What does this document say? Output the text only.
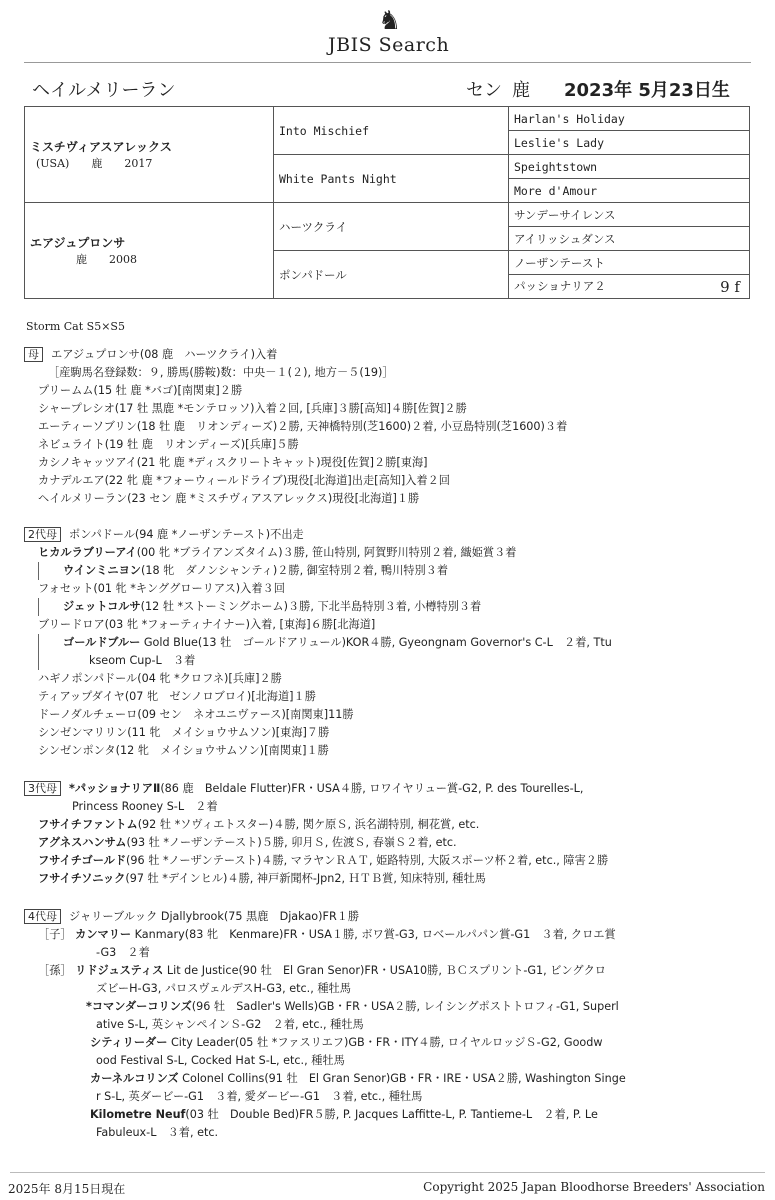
♞
JBIS Search
ヘイルメリーラン	セン 鹿 2023年 5月23日生
ミスチヴィアスアレックス
(USA)　　鹿　　2017	Into Mischief	Harlan's Holiday
		Leslie's Lady
	White Pants Night	Speightstown
		More d'Amour

エアジュプロンサ
鹿　　2008	ハーツクライ	サンデーサイレンス
		アイリッシュダンス
	ポンパドール	ノーザンテースト
		パッショナリア２ 9 f
Storm Cat S5×S5
母 エアジュプロンサ(08 鹿　ハーツクライ)入着
［産駒馬名登録数：９, 勝馬(勝鞍)数：中央－１(２), 地方－５(19)］
プリームム(15 牡 鹿 *バゴ)[南関東]２勝
シャープレシオ(17 牡 黒鹿 *モンテロッソ)入着２回, [兵庫]３勝[高知]４勝[佐賀]２勝
エーティーソブリン(18 牡 鹿　リオンディーズ)２勝, 天神橋特別(芝1600)２着, 小豆島特別(芝1600)３着
ネビュライト(19 牡 鹿　リオンディーズ)[兵庫]５勝
カシノキャッツアイ(21 牝 鹿 *ディスクリートキャット)現役[佐賀]２勝[東海]
カナデルエア(22 牝 鹿 *フォーウィールドライブ)現役[北海道]出走[高知]入着２回
ヘイルメリーラン(23 セン 鹿 *ミスチヴィアスアレックス)現役[北海道]１勝
2代母 ポンパドール(94 鹿 *ノーザンテースト)不出走
ヒカルラブリーアイ(00 牝 *ブライアンズタイム)３勝, 笹山特別, 阿賀野川特別２着, 織姫賞３着
ウインミニヨン(18 牝　ダノンシャンティ)２勝, 御室特別２着, 鴨川特別３着
フォセット(01 牝 *キンググローリアス)入着３回
ジェットコルサ(12 牡 *ストーミングホーム)３勝, 下北半島特別３着, 小樽特別３着
ブリードロア(03 牝 *フォーティナイナー)入着, [東海]６勝[北海道]
ゴールドブルー Gold Blue(13 牡　ゴールドアリュール)KOR４勝, Gyeongnam Governor's C-L　２着, Ttu
kseom Cup-L　３着
ハギノポンパドール(04 牝 *クロフネ)[兵庫]２勝
ティアップダイヤ(07 牝　ゼンノロブロイ)[北海道]１勝
ドーノダルチェーロ(09 セン　ネオユニヴァース)[南関東]11勝
シンゼンマリリン(11 牝　メイショウサムソン)[東海]７勝
シンゼンポンタ(12 牝　メイショウサムソン)[南関東]１勝
3代母 *パッショナリアⅡ(86 鹿　Beldale Flutter)FR・USA４勝, ロワイヤリュー賞-G2, P. des Tourelles-L,
Princess Rooney S-L　２着
フサイチファントム(92 牡 *ソヴィエトスター)４勝, 関ケ原Ｓ, 浜名湖特別, 桐花賞, etc.
アグネスハンサム(93 牡 *ノーザンテースト)５勝, 卯月Ｓ, 佐渡Ｓ, 春嶺Ｓ２着, etc.
フサイチゴールド(96 牡 *ノーザンテースト)４勝, マラヤンＲＡＴ, 姫路特別, 大阪スポーツ杯２着, etc., 障害２勝
フサイチソニック(97 牡 *デインヒル)４勝, 神戸新聞杯-Jpn2, ＨＴＢ賞, 知床特別, 種牡馬
4代母 ジャリーブルック Djallybrook(75 黒鹿　Djakao)FR１勝
［子］ カンマリー Kanmary(83 牝　Kenmare)FR・USA１勝, ボワ賞-G3, ロベールパパン賞-G1　３着, クロエ賞
-G3　２着
［孫］ リドジュスティス Lit de Justice(90 牡　El Gran Senor)FR・USA10勝, ＢＣスプリント-G1, ビングクロ
ズビーH-G3, パロスヴェルデスH-G3, etc., 種牡馬
*コマンダーコリンズ(96 牡　Sadler's Wells)GB・FR・USA２勝, レイシングポストトロフィ-G1, Superl
ative S-L, 英シャンペインＳ-G2　２着, etc., 種牡馬
シティリーダー City Leader(05 牡 *ファスリエフ)GB・FR・ITY４勝, ロイヤルロッジＳ-G2, Goodw
ood Festival S-L, Cocked Hat S-L, etc., 種牡馬
カーネルコリンズ Colonel Collins(91 牡　El Gran Senor)GB・FR・IRE・USA２勝, Washington Singe
r S-L, 英ダービー-G1　３着, 愛ダービー-G1　３着, etc., 種牡馬
Kilometre Neuf(03 牡　Double Bed)FR５勝, P. Jacques Laffitte-L, P. Tantieme-L　２着, P. Le
Fabuleux-L　３着, etc.
2025年 8月15日現在	Copyright 2025 Japan Bloodhorse Breeders' Association
